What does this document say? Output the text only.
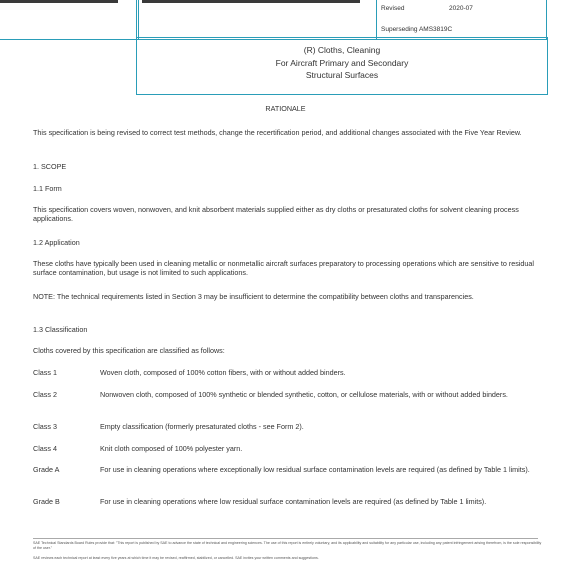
Revised	2020-07
Superseding AMS3819C
(R) Cloths, Cleaning
For Aircraft Primary and Secondary
Structural Surfaces
RATIONALE
This specification is being revised to correct test methods, change the recertification period, and additional changes associated with the Five Year Review.
1. SCOPE
1.1 Form
This specification covers woven, nonwoven, and knit absorbent materials supplied either as dry cloths or presaturated cloths for solvent cleaning process applications.
1.2 Application
These cloths have typically been used in cleaning metallic or nonmetallic aircraft surfaces preparatory to processing operations which are sensitive to residual surface contamination, but usage is not limited to such applications.
NOTE: The technical requirements listed in Section 3 may be insufficient to determine the compatibility between cloths and transparencies.
1.3 Classification
Cloths covered by this specification are classified as follows:
Class 1	Woven cloth, composed of 100% cotton fibers, with or without added binders.
Class 2	Nonwoven cloth, composed of 100% synthetic or blended synthetic, cotton, or cellulose materials, with or without added binders.
Class 3	Empty classification (formerly presaturated cloths - see Form 2).
Class 4	Knit cloth composed of 100% polyester yarn.
Grade A	For use in cleaning operations where exceptionally low residual surface contamination levels are required (as defined by Table 1 limits).
Grade B	For use in cleaning operations where low residual surface contamination levels are required (as defined by Table 1 limits).
SAE Technical Standards Board Rules provide that: "This report is published by SAE to advance the state of technical and engineering sciences. The use of this report is entirely voluntary, and its applicability and suitability for any particular use, including any patent infringement arising therefrom, is the sole responsibility of the user."
SAE reviews each technical report at least every five years at which time it may be revised, reaffirmed, stabilized, or cancelled. SAE invites your written comments and suggestions.
